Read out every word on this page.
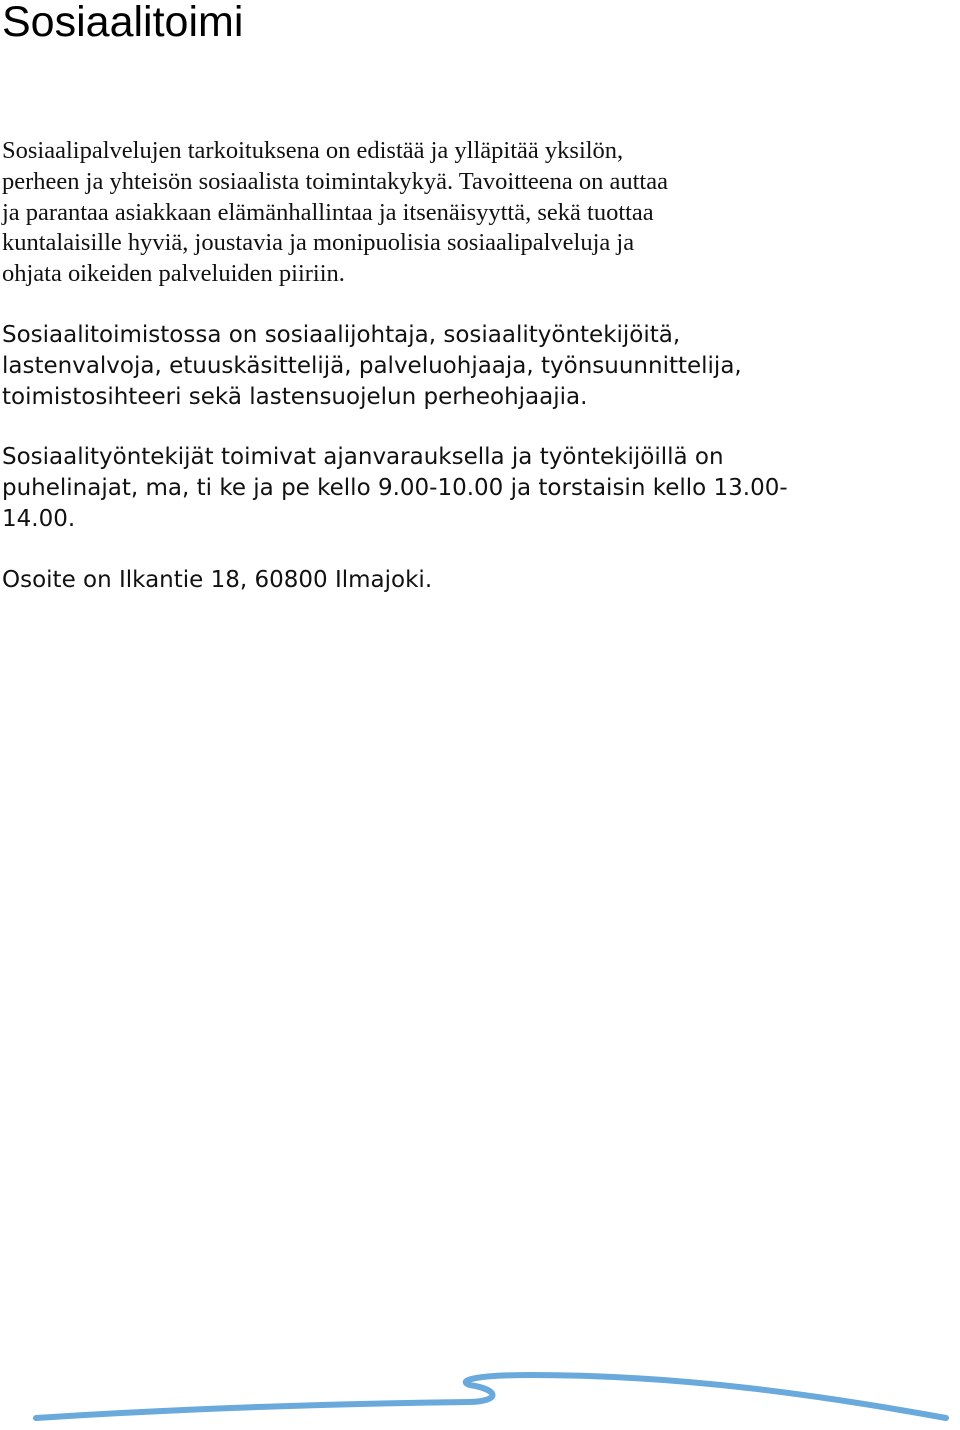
Sosiaalitoimi

Sosiaalipalvelujen tarkoituksena on edistää ja ylläpitää yksilön,
perheen ja yhteisön sosiaalista toimintakykyä. Tavoitteena on auttaa
ja parantaa asiakkaan elämänhallintaa ja itsenäisyyttä, sekä tuottaa
kuntalaisille hyviä, joustavia ja monipuolisia sosiaalipalveluja ja
ohjata oikeiden palveluiden piiriin.

Sosiaalitoimistossa on sosiaalijohtaja, sosiaalityöntekijöitä,
lastenvalvoja, etuuskäsittelijä, palveluohjaaja, työnsuunnittelija,
toimistosihteeri sekä lastensuojelun perheohjaajia.

Sosiaalityöntekijät toimivat ajanvarauksella ja työntekijöillä on
puhelinajat, ma, ti ke ja pe kello 9.00-10.00 ja torstaisin kello 13.00-
14.00.

Osoite on Ilkantie 18, 60800 Ilmajoki.
